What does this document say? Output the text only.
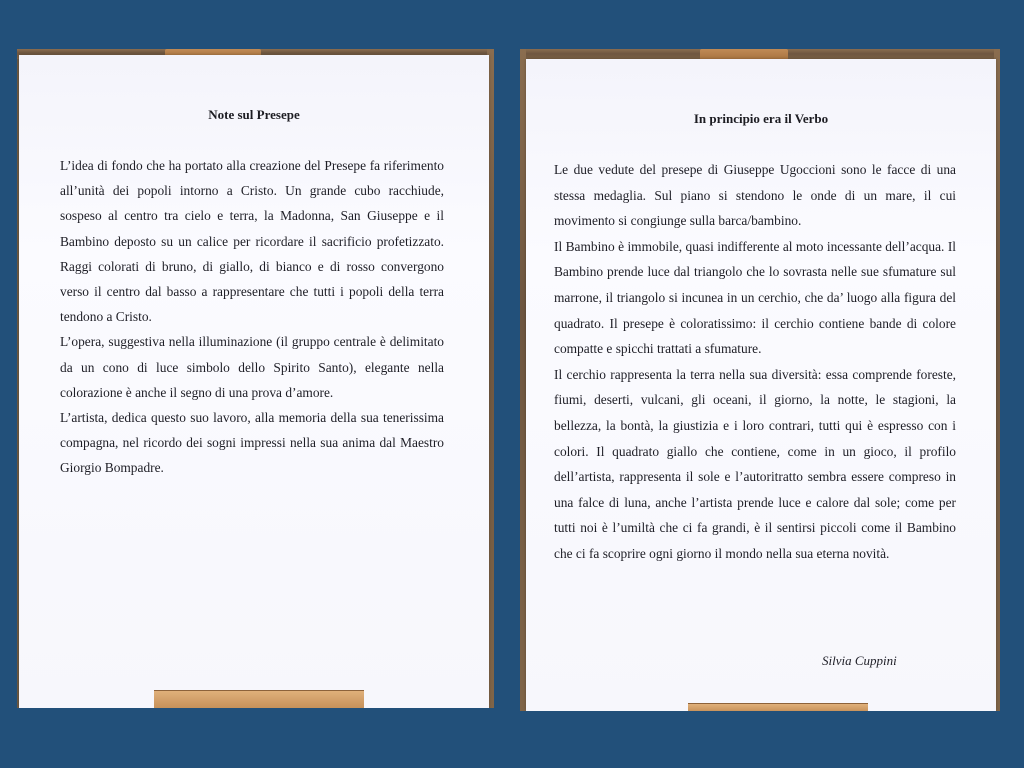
Note sul Presepe

L’idea di fondo che ha portato alla creazione del Presepe fa riferimento all’unità dei popoli intorno a Cristo. Un grande cubo racchiude, sospeso al centro tra cielo e terra, la Madonna, San Giuseppe e il Bambino deposto su un calice per ricordare il sacrificio profetizzato. Raggi colorati di bruno, di giallo, di bianco e di rosso convergono verso il centro dal basso a rappresentare che tutti i popoli della terra tendono a Cristo.

L’opera, suggestiva nella illuminazione (il gruppo centrale è delimitato da un cono di luce simbolo dello Spirito Santo), elegante nella colorazione è anche il segno di una prova d’amore.

L’artista, dedica questo suo lavoro, alla memoria della sua tenerissima compagna, nel ricordo dei sogni impressi nella sua anima dal Maestro Giorgio Bompadre.

In principio era il Verbo

Le due vedute del presepe di Giuseppe Ugoccioni sono le facce di una stessa medaglia. Sul piano si stendono le onde di un mare, il cui movimento si congiunge sulla barca/bambino.

Il Bambino è immobile, quasi indifferente al moto incessante dell’acqua. Il Bambino prende luce dal triangolo che lo sovrasta nelle sue sfumature sul marrone, il triangolo si incunea in un cerchio, che da’ luogo alla figura del quadrato. Il presepe è coloratissimo: il cerchio contiene bande di colore compatte e spicchi trattati a sfumature.

Il cerchio rappresenta la terra nella sua diversità: essa comprende foreste, fiumi, deserti, vulcani, gli oceani, il giorno, la notte, le stagioni, la bellezza, la bontà, la giustizia e i loro contrari, tutti qui è espresso con i colori. Il quadrato giallo che contiene, come in un gioco, il profilo dell’artista, rappresenta il sole e l’autoritratto sembra essere compreso in una falce di luna, anche l’artista prende luce e calore dal sole; come per tutti noi è l’umiltà che ci fa grandi, è il sentirsi piccoli come il Bambino che ci fa scoprire ogni giorno il mondo nella sua eterna novità.

Silvia Cuppini
